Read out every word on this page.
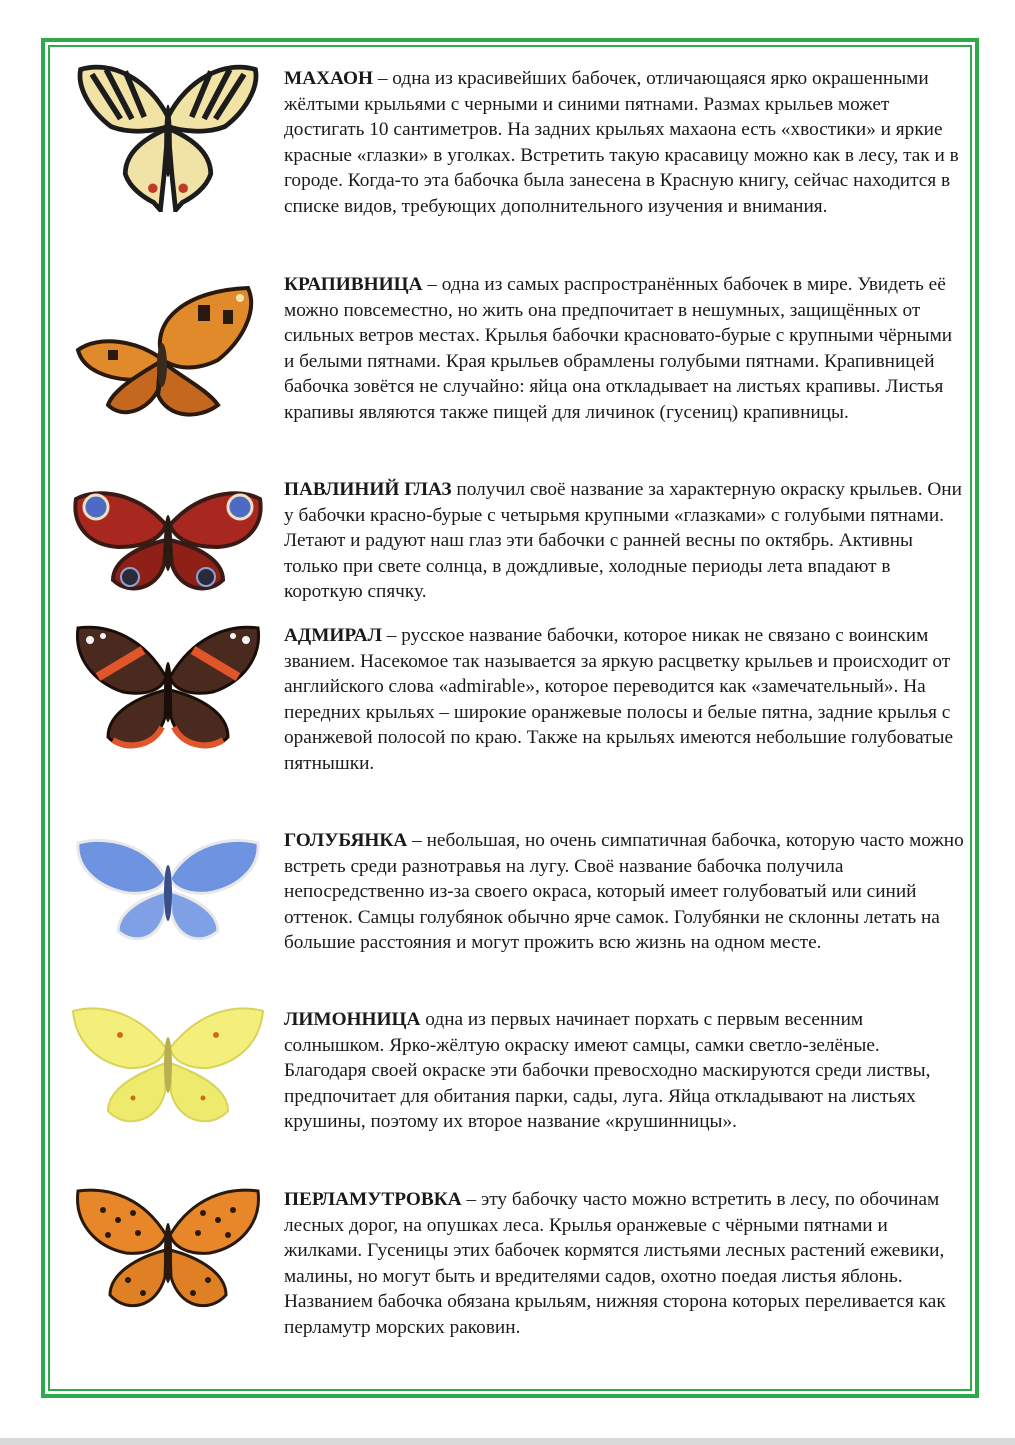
МАХАОН – одна из красивейших бабочек, отличающаяся ярко окрашенными жёлтыми крыльями с черными и синими пятнами. Размах крыльев может достигать 10 сантиметров. На задних крыльях махаона есть «хвостики» и яркие красные «глазки» в уголках. Встретить такую красавицу можно как в лесу, так и в городе. Когда-то эта бабочка была занесена в Красную книгу, сейчас находится в списке видов, требующих дополнительного изучения и внимания.

КРАПИВНИЦА – одна из самых распространённых бабочек в мире. Увидеть её можно повсеместно, но жить она предпочитает в нешумных, защищённых от сильных ветров местах. Крылья бабочки красновато-бурые с крупными чёрными и белыми пятнами. Края крыльев обрамлены голубыми пятнами. Крапивницей бабочка зовётся не случайно: яйца она откладывает на листьях крапивы. Листья крапивы являются также пищей для личинок (гусениц) крапивницы.

ПАВЛИНИЙ ГЛАЗ получил своё название за характерную окраску крыльев. Они у бабочки красно-бурые с четырьмя крупными «глазками» с голубыми пятнами. Летают и радуют наш глаз эти бабочки с ранней весны по октябрь. Активны только при свете солнца, в дождливые, холодные периоды лета впадают в короткую спячку.

АДМИРАЛ – русское название бабочки, которое никак не связано с воинским званием. Насекомое так называется за яркую расцветку крыльев и происходит от английского слова «admirable», которое переводится как «замечательный». На передних крыльях – широкие оранжевые полосы и белые пятна, задние крылья с оранжевой полосой по краю. Также на крыльях имеются небольшие голубоватые пятнышки.

ГОЛУБЯНКА – небольшая, но очень симпатичная бабочка, которую часто можно встреть среди разнотравья на лугу. Своё название бабочка получила непосредственно из-за своего окраса, который имеет голубоватый или синий оттенок. Самцы голубянок обычно ярче самок. Голубянки не склонны летать на большие расстояния и могут прожить всю жизнь на одном месте.

ЛИМОННИЦА одна из первых начинает порхать с первым весенним солнышком. Ярко-жёлтую окраску имеют самцы, самки светло-зелёные. Благодаря своей окраске эти бабочки превосходно маскируются среди листвы, предпочитает для обитания парки, сады, луга. Яйца откладывают на листьях крушины, поэтому их второе название «крушинницы».

ПЕРЛАМУТРОВКА – эту бабочку часто можно встретить в лесу, по обочинам лесных дорог, на опушках леса. Крылья оранжевые с чёрными пятнами и жилками. Гусеницы этих бабочек кормятся листьями лесных растений ежевики, малины, но могут быть и вредителями садов, охотно поедая листья яблонь. Названием бабочка обязана крыльям, нижняя сторона которых переливается как перламутр морских раковин.
